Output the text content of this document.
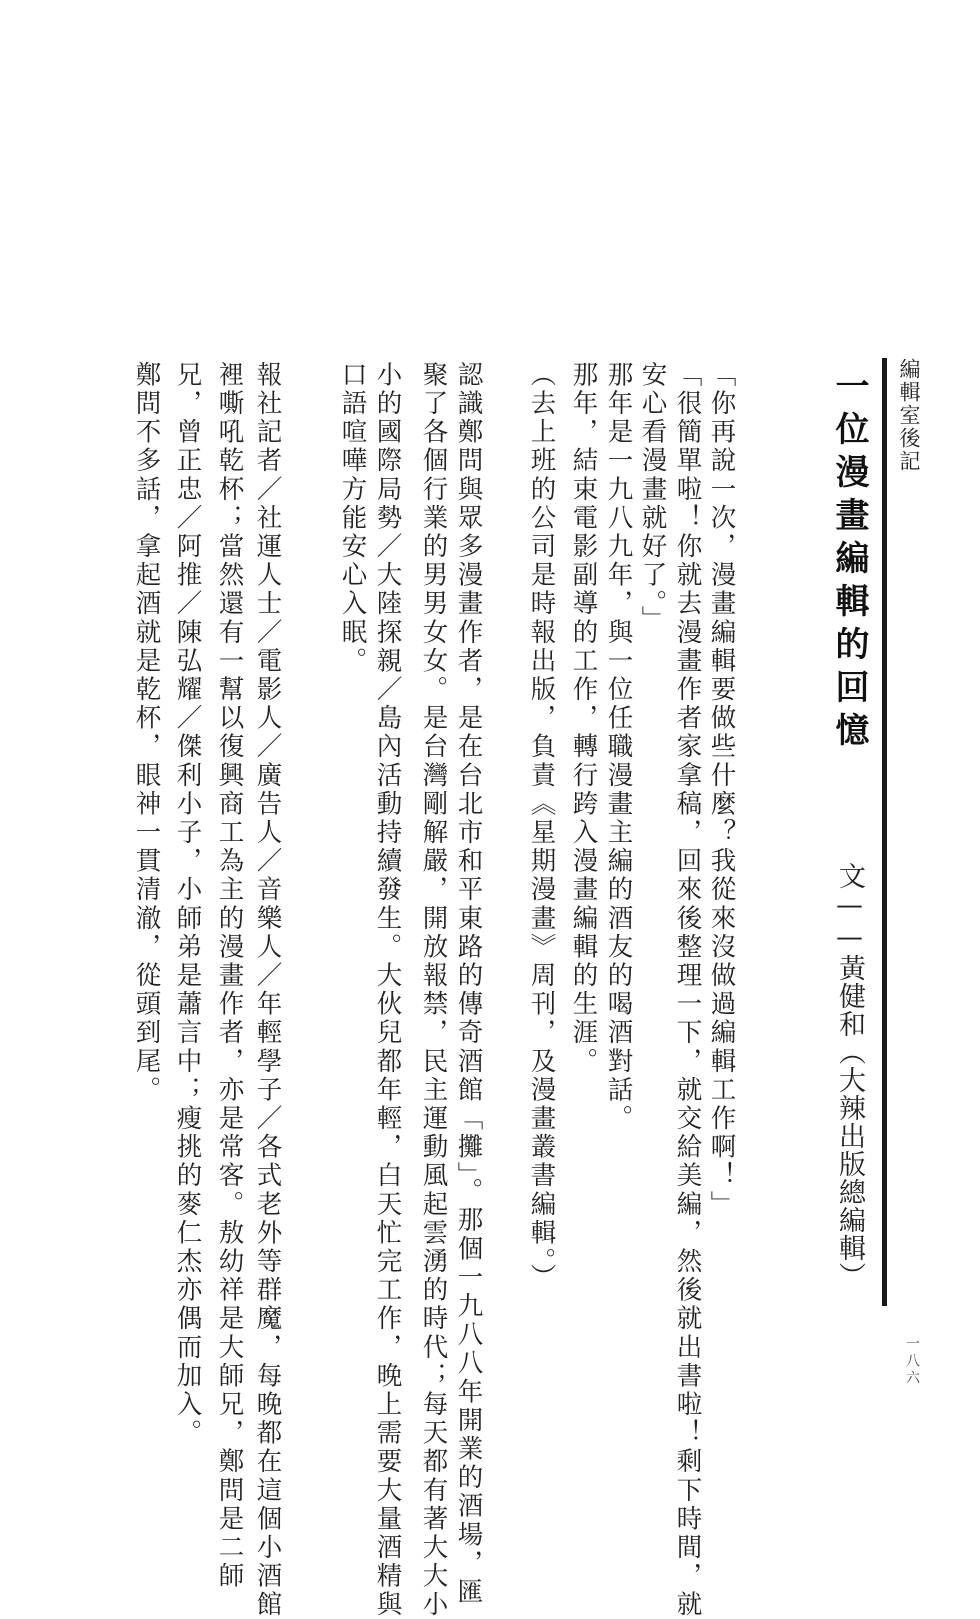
編輯室後記
一位漫畫編輯的回憶
文——黃健和（大辣出版總編輯）
「你再說一次，漫畫編輯要做些什麼？我從來沒做過編輯工作啊！」
「很簡單啦！你就去漫畫作者家拿稿，回來後整理一下，就交給美編，然後就出書啦！剩下時間，就
安心看漫畫就好了。」
那年是一九八九年，與一位任職漫畫主編的酒友的喝酒對話。
那年，結束電影副導的工作，轉行跨入漫畫編輯的生涯。
（去上班的公司是時報出版，負責《星期漫畫》周刊，及漫畫叢書編輯。）
認識鄭問與眾多漫畫作者，是在台北市和平東路的傳奇酒館「攤」。那個一九八八年開業的酒場，匯
聚了各個行業的男男女女。是台灣剛解嚴，開放報禁，民主運動風起雲湧的時代；每天都有著大大小
小的國際局勢／大陸探親／島內活動持續發生。大伙兒都年輕，白天忙完工作，晚上需要大量酒精與
口語喧嘩方能安心入眠。
報社記者／社運人士／電影人／廣告人／音樂人／年輕學子／各式老外等群魔，每晚都在這個小酒館
裡嘶吼乾杯；當然還有一幫以復興商工為主的漫畫作者，亦是常客。敖幼祥是大師兄，鄭問是二師
兄，曾正忠／阿推／陳弘耀／傑利小子，小師弟是蕭言中；瘦挑的麥仁杰亦偶而加入。
鄭問不多話，拿起酒就是乾杯，眼神一貫清澈，從頭到尾。
一八六
